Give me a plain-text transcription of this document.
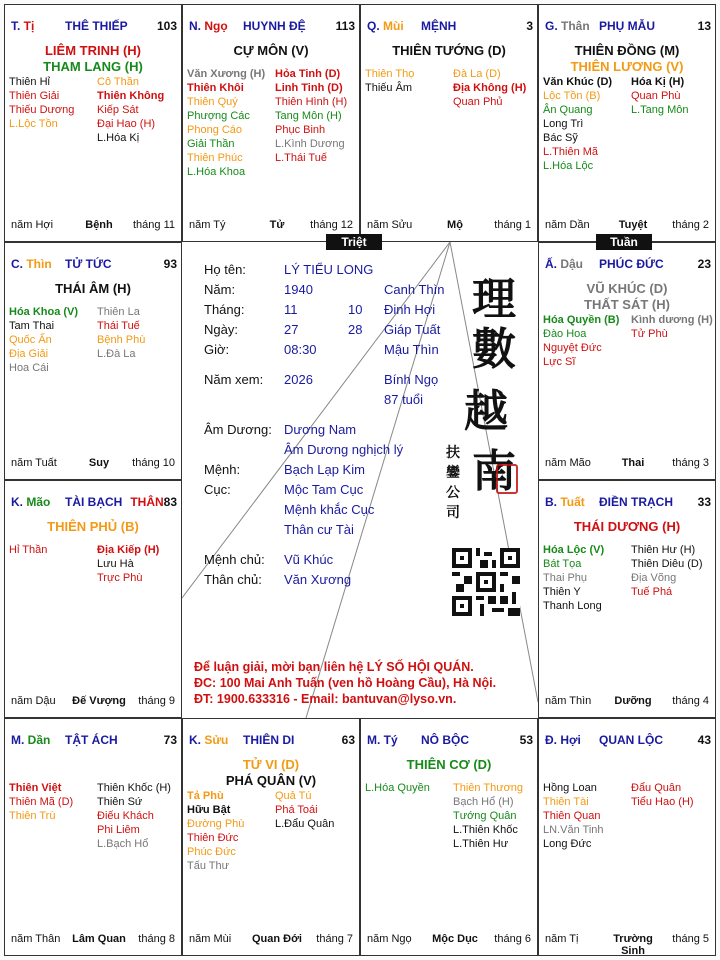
T. Tị	THÊ THIẾP 103
LIÊM TRINH (H)
THAM LANG (H)
Thiên Hỉ
Thiên Giải
Thiếu Dương
L.Lộc Tồn
Cô Thần
Thiên Không
Kiếp Sát
Đại Hao (H)
L.Hóa Kị
năm Hợi	Bệnh	tháng 11
N. Ngọ HUYNH ĐỆ 113
CỰ MÔN (V)
Văn Xương (H)
Thiên Khôi
Thiên Quý
Phượng Các
Phong Cáo
Giải Thần
Thiên Phúc
L.Hóa Khoa
Hỏa Tinh (D)
Linh Tinh (D)
Thiên Hình (H)
Tang Môn (H)
Phục Binh
L.Kình Dương
L.Thái Tuế
năm Tý	Tử	tháng 12
Q. Mùi MỆNH	3
THIÊN TƯỚNG (D)
Thiên Thọ
Thiếu Âm
Đà La (D)
Địa Không (H)
Quan Phủ
năm Sửu	Mộ	tháng 1
G. Thân PHỤ MẪU	13
THIÊN ĐỒNG (M)
THIÊN LƯƠNG (V)
Văn Khúc (D)
Lộc Tồn (B)
Ân Quang
Long Trì
Bác Sỹ
L.Thiên Mã
L.Hóa Lộc
Hóa Kị (H)
Quan Phù
L.Tang Môn
năm Dần	Tuyệt	tháng 2
C. Thìn TỬ TỨC	93
THÁI ÂM (H)
Hóa Khoa (V)
Tam Thai
Quốc Ấn
Địa Giải
Hoa Cái
Thiên La
Thái Tuế
Bệnh Phù
L.Đà La
năm Tuất	Suy	tháng 10
Ấ. Dậu PHÚC ĐỨC	23
VŨ KHÚC (D)
THẤT SÁT (H)
Hóa Quyền (B)
Đào Hoa
Nguyệt Đức
Lực Sĩ
Kình dương (H)
Tử Phù
năm Mão	Thai	tháng 3
K. Mão TÀI BẠCH THÂN 83
THIÊN PHỦ (B)
Hỉ Thần	Địa Kiếp (H)
Lưu Hà
Trực Phù
năm Dậu Đế Vượng tháng 9
B. Tuất ĐIỀN TRẠCH 33
THÁI DƯƠNG (H)
Hóa Lộc (V)
Bát Tọa
Thai Phụ
Thiên Y
Thanh Long
Thiên Hư (H)
Thiên Diêu (D)
Địa Võng
Tuế Phá
năm Thìn	Dưỡng	tháng 4
M. Dần TẬT ÁCH	73
Thiên Việt
Thiên Mã (D)
Thiên Trù
Thiên Khốc (H)
Thiên Sứ
Điếu Khách
Phi Liêm
L.Bạch Hổ
năm Thân Lâm Quan tháng 8
K. Sửu THIÊN DI	63
TỬ VI (D)
PHÁ QUÂN (V)
Tả Phù
Hữu Bật
Đường Phù
Thiên Đức
Phúc Đức
Tấu Thư
Quả Tú
Phá Toái
L.Đẩu Quân
năm Mùi	Quan Đới	tháng 7
M. Tý NÔ BỘC	53
THIÊN CƠ (D)
L.Hóa Quyền Thiên Thương
Bạch Hổ (H)
Tướng Quân
L.Thiên Khốc
L.Thiên Hư
năm Ngọ	Mộc Dục	tháng 6
Đ. Hợi QUAN LỘC	43
Hồng Loan
Thiên Tài
Thiên Quan
LN.Văn Tinh
Long Đức
Đẩu Quân
Tiểu Hao (H)
năm Tị	Trường Sinh
tháng 5
Họ tên:	LÝ TIỂU LONG
Năm:	1940	Canh Thìn
Tháng:	11	10 Đinh Hợi
Ngày:	27	28 Giáp Tuất
Giờ:	08:30	Mậu Thìn
Năm xem: 2026	Bính Ngọ
87 tuổi
Âm Dương: Dương Nam
Âm Dương nghịch lý
Mệnh:	Bạch Lạp Kim
Cục:	Mộc Tam Cục
Mệnh khắc Cục
Thân cư Tài
Mệnh chủ: Vũ Khúc
Thân chủ: Văn Xương
理
數
越
南
扶
鑾
公
司
Để luận giải, mời bạn liên hệ LÝ SỐ HỘI QUÁN.
ĐC: 100 Mai Anh Tuấn (ven hồ Hoàng Cầu), Hà Nội.
ĐT: 1900.633316 - Email: bantuvan@lyso.vn.
Triệt	Tuần
